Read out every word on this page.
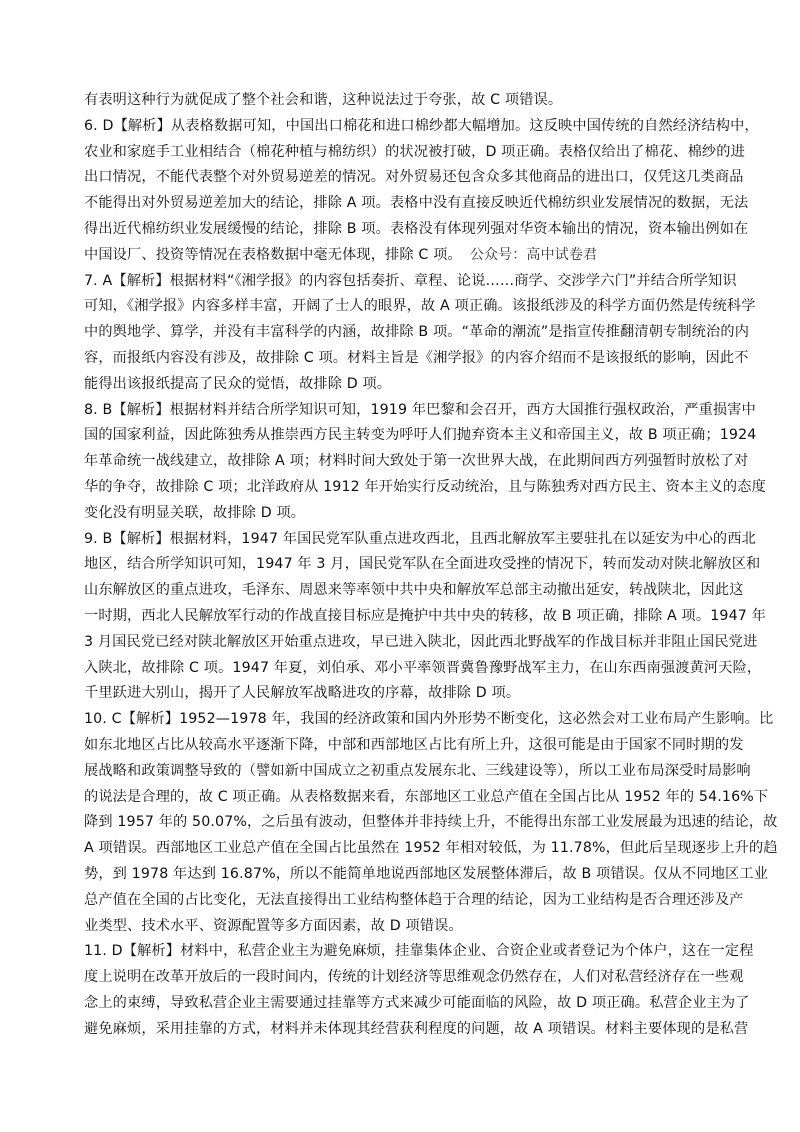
有表明这种行为就促成了整个社会和谐，这种说法过于夸张，故 C 项错误。
6. D【解析】从表格数据可知，中国出口棉花和进口棉纱都大幅增加。这反映中国传统的自然经济结构中，
农业和家庭手工业相结合（棉花种植与棉纺织）的状况被打破，D 项正确。表格仅给出了棉花、棉纱的进
出口情况，不能代表整个对外贸易逆差的情况。对外贸易还包含众多其他商品的进出口，仅凭这几类商品
不能得出对外贸易逆差加大的结论，排除 A 项。表格中没有直接反映近代棉纺织业发展情况的数据，无法
得出近代棉纺织业发展缓慢的结论，排除 B 项。表格没有体现列强对华资本输出的情况，资本输出例如在
中国设厂、投资等情况在表格数据中毫无体现，排除 C 项。 公众号：高中试卷君
7. A【解析】根据材料“《湘学报》的内容包括奏折、章程、论说……商学、交涉学六门”并结合所学知识
可知，《湘学报》内容多样丰富，开阔了士人的眼界，故 A 项正确。该报纸涉及的科学方面仍然是传统科学
中的舆地学、算学，并没有丰富科学的内涵，故排除 B 项。“革命的潮流”是指宣传推翻清朝专制统治的内
容，而报纸内容没有涉及，故排除 C 项。材料主旨是《湘学报》的内容介绍而不是该报纸的影响，因此不
能得出该报纸提高了民众的觉悟，故排除 D 项。
8. B【解析】根据材料并结合所学知识可知，1919 年巴黎和会召开，西方大国推行强权政治，严重损害中
国的国家利益，因此陈独秀从推崇西方民主转变为呼吁人们抛弃资本主义和帝国主义，故 B 项正确；1924
年革命统一战线建立，故排除 A 项；材料时间大致处于第一次世界大战，在此期间西方列强暂时放松了对
华的争夺，故排除 C 项；北洋政府从 1912 年开始实行反动统治，且与陈独秀对西方民主、资本主义的态度
变化没有明显关联，故排除 D 项。
9. B【解析】根据材料，1947 年国民党军队重点进攻西北，且西北解放军主要驻扎在以延安为中心的西北
地区，结合所学知识可知，1947 年 3 月，国民党军队在全面进攻受挫的情况下，转而发动对陕北解放区和
山东解放区的重点进攻，毛泽东、周恩来等率领中共中央和解放军总部主动撤出延安，转战陕北，因此这
一时期，西北人民解放军行动的作战直接目标应是掩护中共中央的转移，故 B 项正确，排除 A 项。1947 年
3 月国民党已经对陕北解放区开始重点进攻，早已进入陕北，因此西北野战军的作战目标并非阻止国民党进
入陕北，故排除 C 项。1947 年夏，刘伯承、邓小平率领晋冀鲁豫野战军主力，在山东西南强渡黄河天险，
千里跃进大别山，揭开了人民解放军战略进攻的序幕，故排除 D 项。
10. C【解析】1952—1978 年，我国的经济政策和国内外形势不断变化，这必然会对工业布局产生影响。比
如东北地区占比从较高水平逐渐下降，中部和西部地区占比有所上升，这很可能是由于国家不同时期的发
展战略和政策调整导致的（譬如新中国成立之初重点发展东北、三线建设等），所以工业布局深受时局影响
的说法是合理的，故 C 项正确。从表格数据来看，东部地区工业总产值在全国占比从 1952 年的 54.16%下
降到 1957 年的 50.07%，之后虽有波动，但整体并非持续上升，不能得出东部工业发展最为迅速的结论，故
A 项错误。西部地区工业总产值在全国占比虽然在 1952 年相对较低，为 11.78%，但此后呈现逐步上升的趋
势，到 1978 年达到 16.87%，所以不能简单地说西部地区发展整体滞后，故 B 项错误。仅从不同地区工业
总产值在全国的占比变化，无法直接得出工业结构整体趋于合理的结论，因为工业结构是否合理还涉及产
业类型、技术水平、资源配置等多方面因素，故 D 项错误。
11. D【解析】材料中，私营企业主为避免麻烦，挂靠集体企业、合资企业或者登记为个体户，这在一定程
度上说明在改革开放后的一段时间内，传统的计划经济等思维观念仍然存在，人们对私营经济存在一些观
念上的束缚，导致私营企业主需要通过挂靠等方式来减少可能面临的风险，故 D 项正确。私营企业主为了
避免麻烦，采用挂靠的方式，材料并未体现其经营获利程度的问题，故 A 项错误。材料主要体现的是私营
